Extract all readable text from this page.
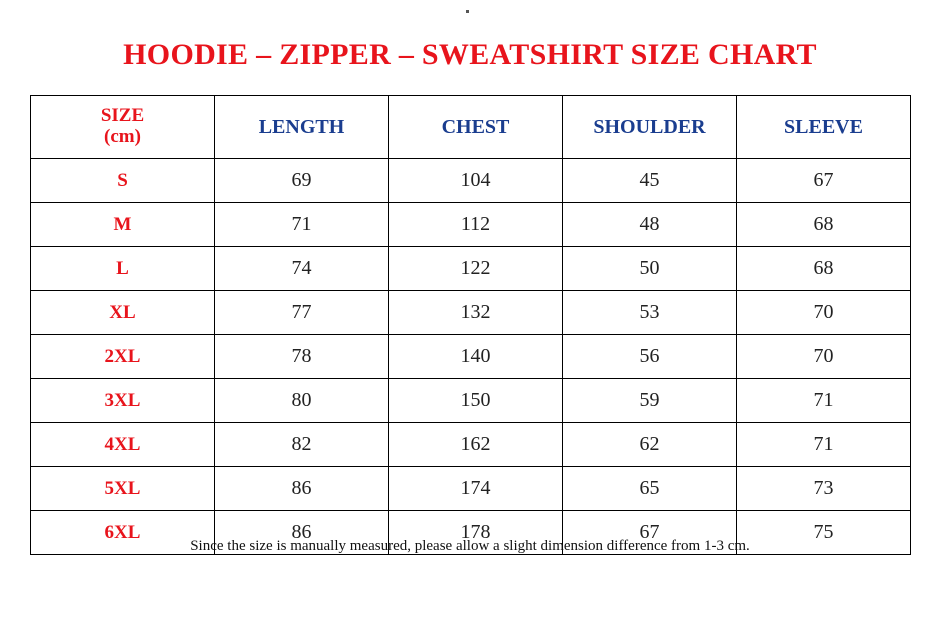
HOODIE – ZIPPER – SWEATSHIRT SIZE CHART
SIZE
(cm)	LENGTH	CHEST	SHOULDER	SLEEVE
S	69	104	45	67
M	71	112	48	68
L	74	122	50	68
XL	77	132	53	70
2XL	78	140	56	70
3XL	80	150	59	71
4XL	82	162	62	71
5XL	86	174	65	73
6XL	86	178	67	75
Since the size is manually measured, please allow a slight dimension difference from 1-3 cm.
